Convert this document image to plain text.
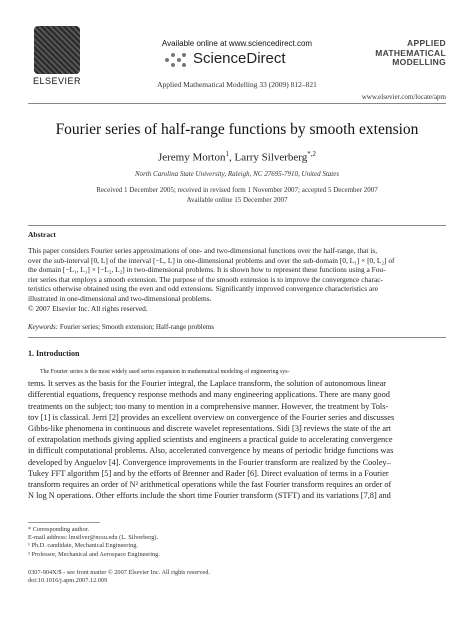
ELSEVIER
Available online at www.sciencedirect.com
ScienceDirect
Applied Mathematical Modelling 33 (2009) 812–821
APPLIED
MATHEMATICAL
MODELLING
www.elsevier.com/locate/apm
Fourier series of half-range functions by smooth extension
Jeremy Morton$^1$, Larry Silverberg$^{*,2}$
North Carolina State University, Raleigh, NC 27695-7910, United States
Received 1 December 2005; received in revised form 1 November 2007; accepted 5 December 2007
Available online 15 December 2007
Abstract

This paper considers Fourier series approximations of one- and two-dimensional functions over the half-range, that is,

over the sub-interval [0, L] of the interval [−L, L] in one-dimensional problems and over the sub-domain [0, L₁] × [0, L₂] of

the domain [−L₁, L₁] × [−L₂, L₂] in two-dimensional problems. It is shown how to represent these functions using a Fou-

rier series that employs a smooth extension. The purpose of the smooth extension is to improve the convergence charac-

teristics otherwise obtained using the even and odd extensions. Significantly improved convergence characteristics are

illustrated in one-dimensional and two-dimensional problems.

© 2007 Elsevier Inc. All rights reserved.
Keywords: Fourier series; Smooth extension; Half-range problems
1. Introduction
The Fourier series is the most widely used series expansion in mathematical modeling of engineering sys-
tems. It serves as the basis for the Fourier integral, the Laplace transform, the solution of autonomous linear
differential equations, frequency response methods and many engineering applications. There are many good
treatments on the subject; too many to mention in a comprehensive manner. However, the treatment by Tols-
tov [1] is classical. Jerri [2] provides an excellent overview on convergence of the Fourier series and discusses
Gibbs-like phenomena in continuous and discrete wavelet representations. Sidi [3] reviews the state of the art
of extrapolation methods giving applied scientists and engineers a practical guide to accelerating convergence
in difficult computational problems. Also, accelerated convergence by means of periodic bridge functions was
developed by Anguelov [4]. Convergence improvements in the Fourier transform are realized by the Cooley–
Tukey FFT algorithm [5] and by the efforts of Brenner and Rader [6]. Direct evaluation of terms in a Fourier
transform requires an order of N² arithmetical operations while the fast Fourier transform requires an order of
N log N operations. Other efforts include the short time Fourier transform (STFT) and its variations [7,8] and
* Corresponding author.
E-mail address: lmsilver@ncsu.edu (L. Silverberg).
¹ Ph.D. candidate, Mechanical Engineering.
² Professor, Mechanical and Aerospace Engineering.
0307-904X/$ - see front matter © 2007 Elsevier Inc. All rights reserved.
doi:10.1016/j.apm.2007.12.009
